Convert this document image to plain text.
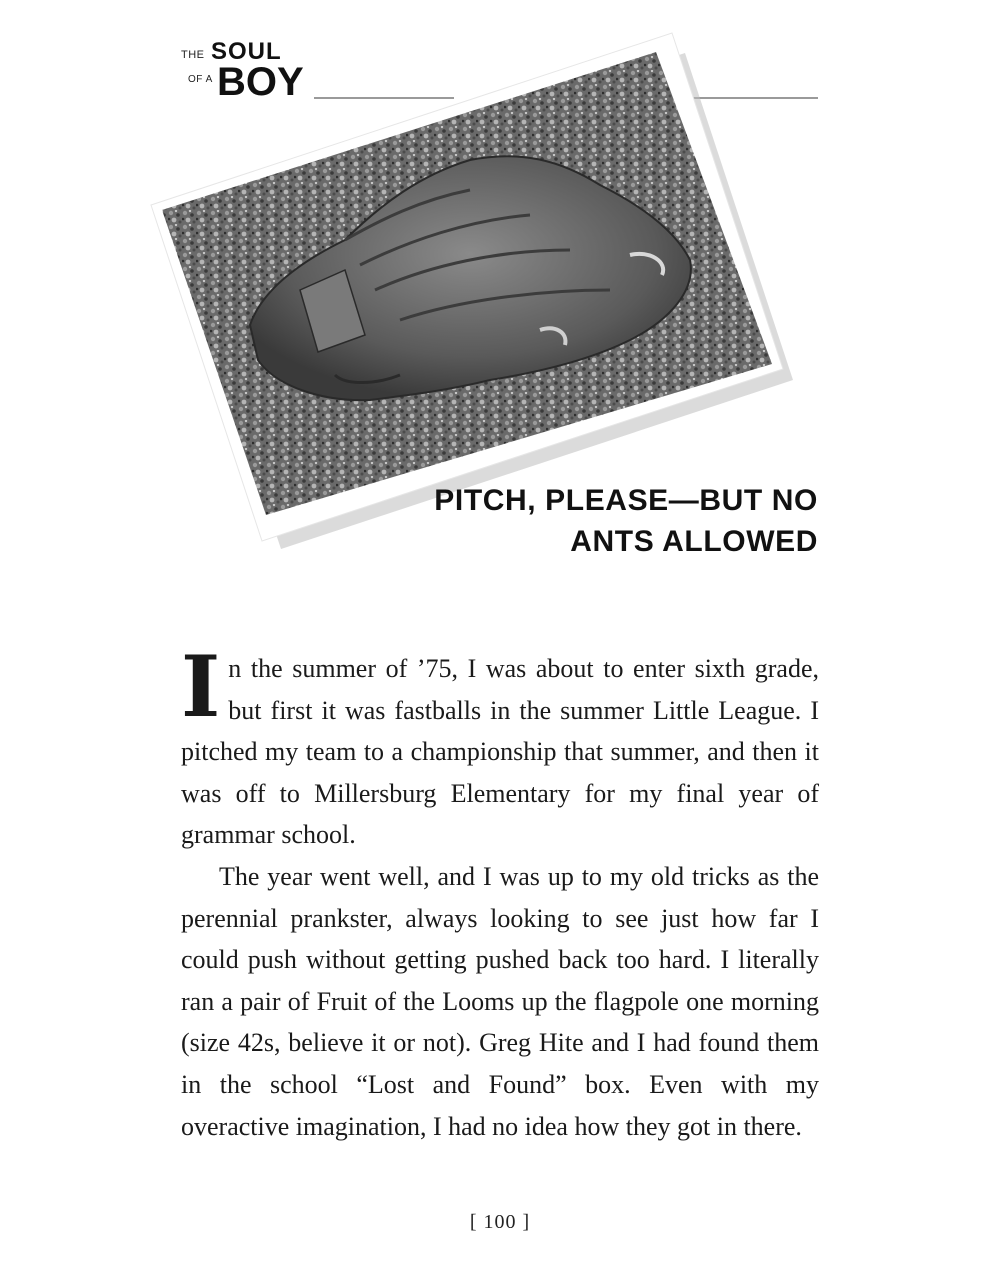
THE SOUL
OF A BOY
PITCH, PLEASE—BUT NO
ANTS ALLOWED

In the summer of ’75, I was about to enter sixth grade, but first it was fastballs in the summer Little League. I pitched my team to a championship that summer, and then it was off to Millersburg Elementary for my final year of grammar school.

The year went well, and I was up to my old tricks as the perennial prankster, always looking to see just how far I could push without getting pushed back too hard. I literally ran a pair of Fruit of the Looms up the flagpole one morning (size 42s, believe it or not). Greg Hite and I had found them in the school “Lost and Found” box. Even with my overactive imagination, I had no idea how they got in there.

[ 100 ]
